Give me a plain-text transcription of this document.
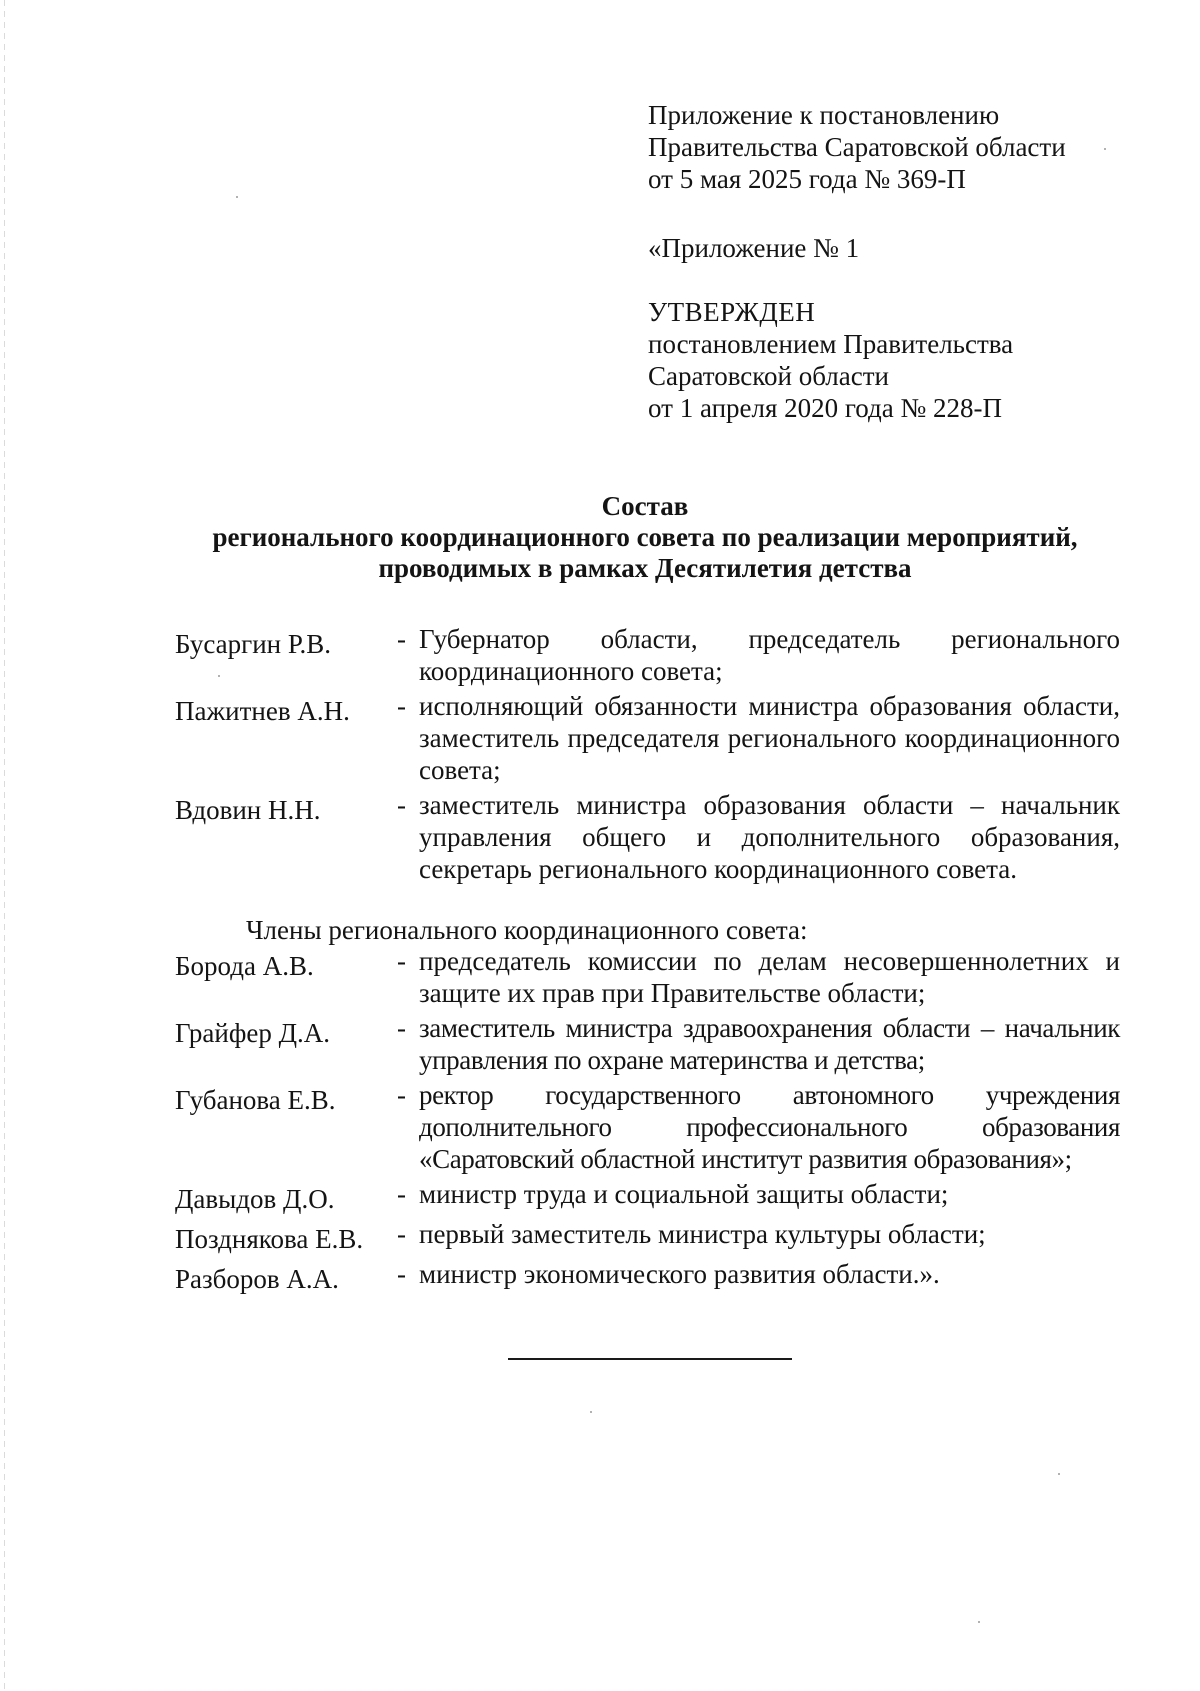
Приложение к постановлению
Правительства Саратовской области
от 5 мая 2025 года № 369-П
«Приложение № 1
УТВЕРЖДЕН
постановлением Правительства
Саратовской области
от 1 апреля 2020 года № 228-П
Состав
регионального координационного совета по реализации мероприятий,
проводимых в рамках Десятилетия детства
Бусаргин Р.В.	- Губернатор области, председатель регионального координационного совета;
Пажитнев А.Н.	- исполняющий обязанности министра образования области, заместитель председателя регионального координационного совета;
Вдовин Н.Н.	- заместитель министра образования области – начальник управления общего и дополнительного образования, секретарь регионального координационного совета.
Члены регионального координационного совета:
Борода А.В.	- председатель комиссии по делам несовершеннолетних и защите их прав при Правительстве области;
Грайфер Д.А.	- заместитель министра здравоохранения области – начальник управления по охране материнства и детства;
Губанова Е.В.	- ректор государственного автономного учреждения дополнительного профессионального образования «Саратовский областной институт развития образования»;
Давыдов Д.О.	- министр труда и социальной защиты области;
Позднякова Е.В.	- первый заместитель министра культуры области;
Разборов А.А.	- министр экономического развития области.».
